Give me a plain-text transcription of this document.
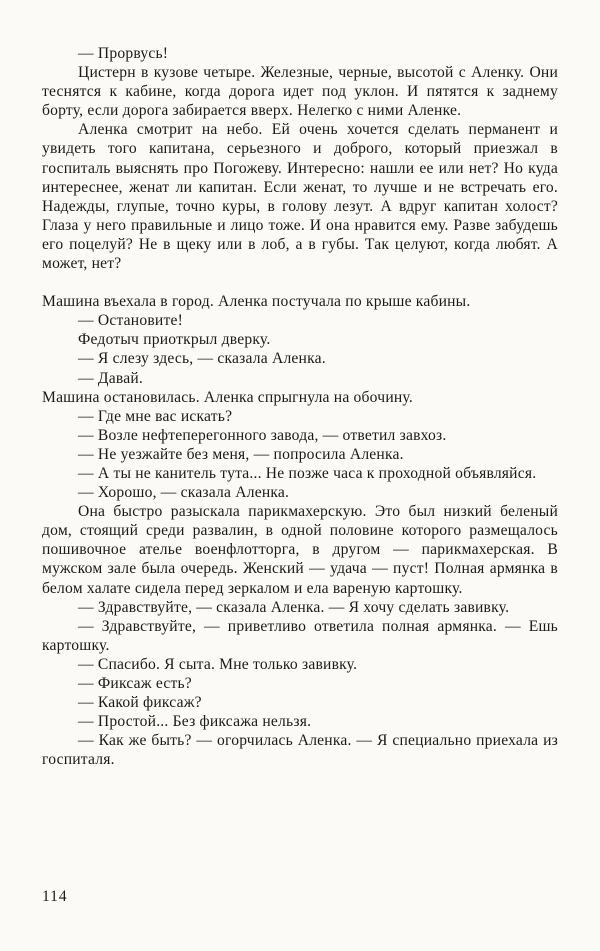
— Прорвусь!

Цистерн в кузове четыре. Железные, черные, высотой с Аленку. Они теснятся к кабине, когда дорога идет под уклон. И пятятся к заднему борту, если дорога забирается вверх. Нелегко с ними Аленке.

Аленка смотрит на небо. Ей очень хочется сделать перманент и увидеть того капитана, серьезного и доброго, который приезжал в госпиталь выяснять про Погожеву. Интересно: нашли ее или нет? Но куда интереснее, женат ли капитан. Если женат, то лучше и не встречать его. Надежды, глупые, точно куры, в голову лезут. А вдруг капитан холост? Глаза у него правильные и лицо тоже. И она нравится ему. Разве забудешь его поцелуй? Не в щеку или в лоб, а в губы. Так целуют, когда любят. А может, нет?

Машина въехала в город. Аленка постучала по крыше кабины.

— Остановите!

Федотыч приоткрыл дверку.

— Я слезу здесь, — сказала Аленка.

— Давай.

Машина остановилась. Аленка спрыгнула на обочину.

— Где мне вас искать?

— Возле нефтеперегонного завода, — ответил завхоз.

— Не уезжайте без меня, — попросила Аленка.

— А ты не канитель тута... Не позже часа к проходной объявляйся.

— Хорошо, — сказала Аленка.

Она быстро разыскала парикмахерскую. Это был низкий беленый дом, стоящий среди развалин, в одной половине которого размещалось пошивочное ателье военфлотторга, в другом — парикмахерская. В мужском зале была очередь. Женский — удача — пуст! Полная армянка в белом халате сидела перед зеркалом и ела вареную картошку.

— Здравствуйте, — сказала Аленка. — Я хочу сделать завивку.

— Здравствуйте, — приветливо ответила полная армянка. — Ешь картошку.

— Спасибо. Я сыта. Мне только завивку.

— Фиксаж есть?

— Какой фиксаж?

— Простой... Без фиксажа нельзя.

— Как же быть? — огорчилась Аленка. — Я специально приехала из госпиталя.

114
